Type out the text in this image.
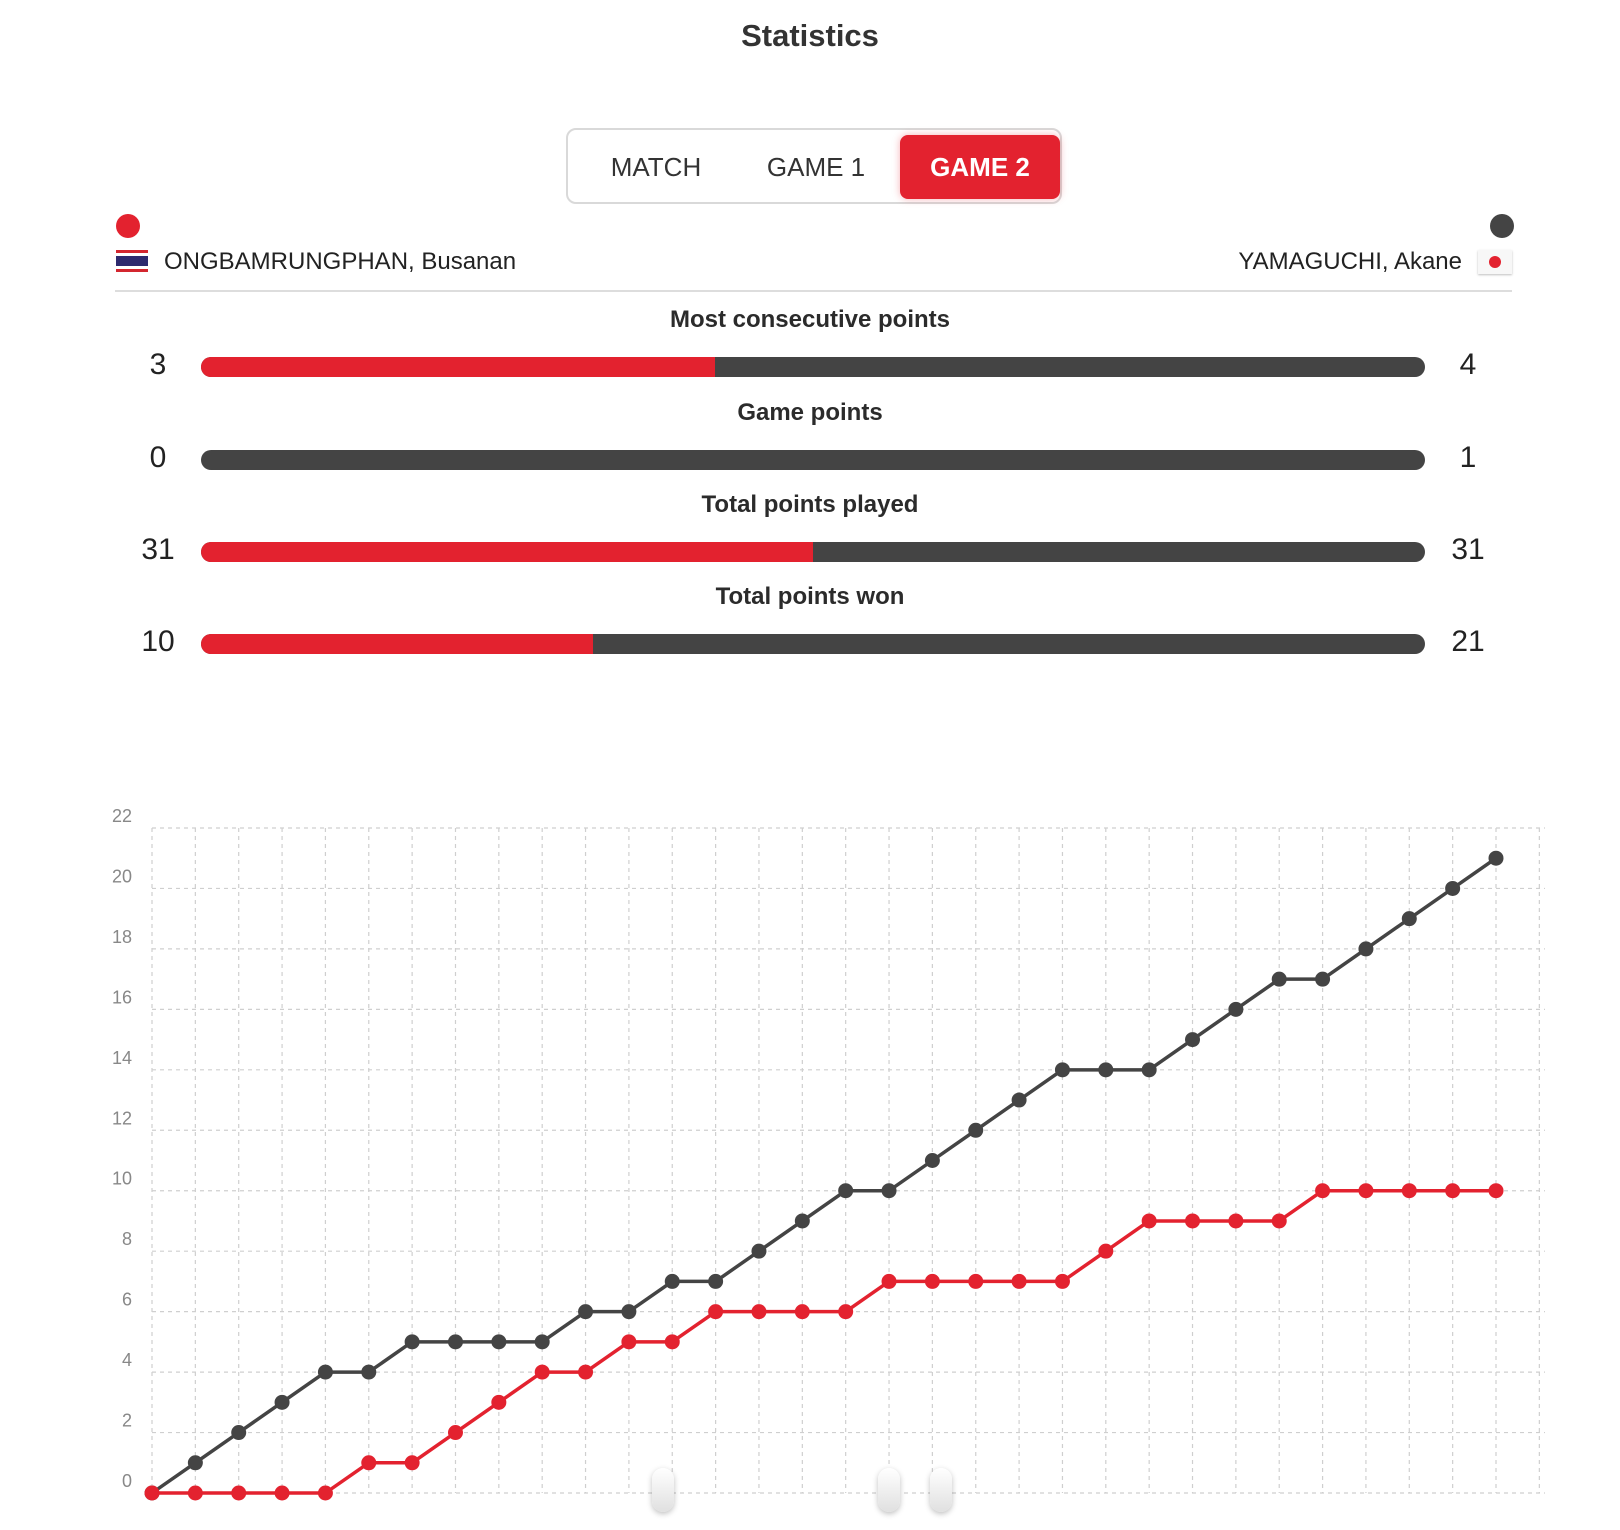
Statistics
MATCH	GAME 1	GAME 2
ONGBAMRUNGPHAN, Busanan	YAMAGUCHI, Akane
Most consecutive points
3	4
Game points
0	1
Total points played
31	31
Total points won
10	21
0
2
4
6
8
10
12
14
16
18
20
22
